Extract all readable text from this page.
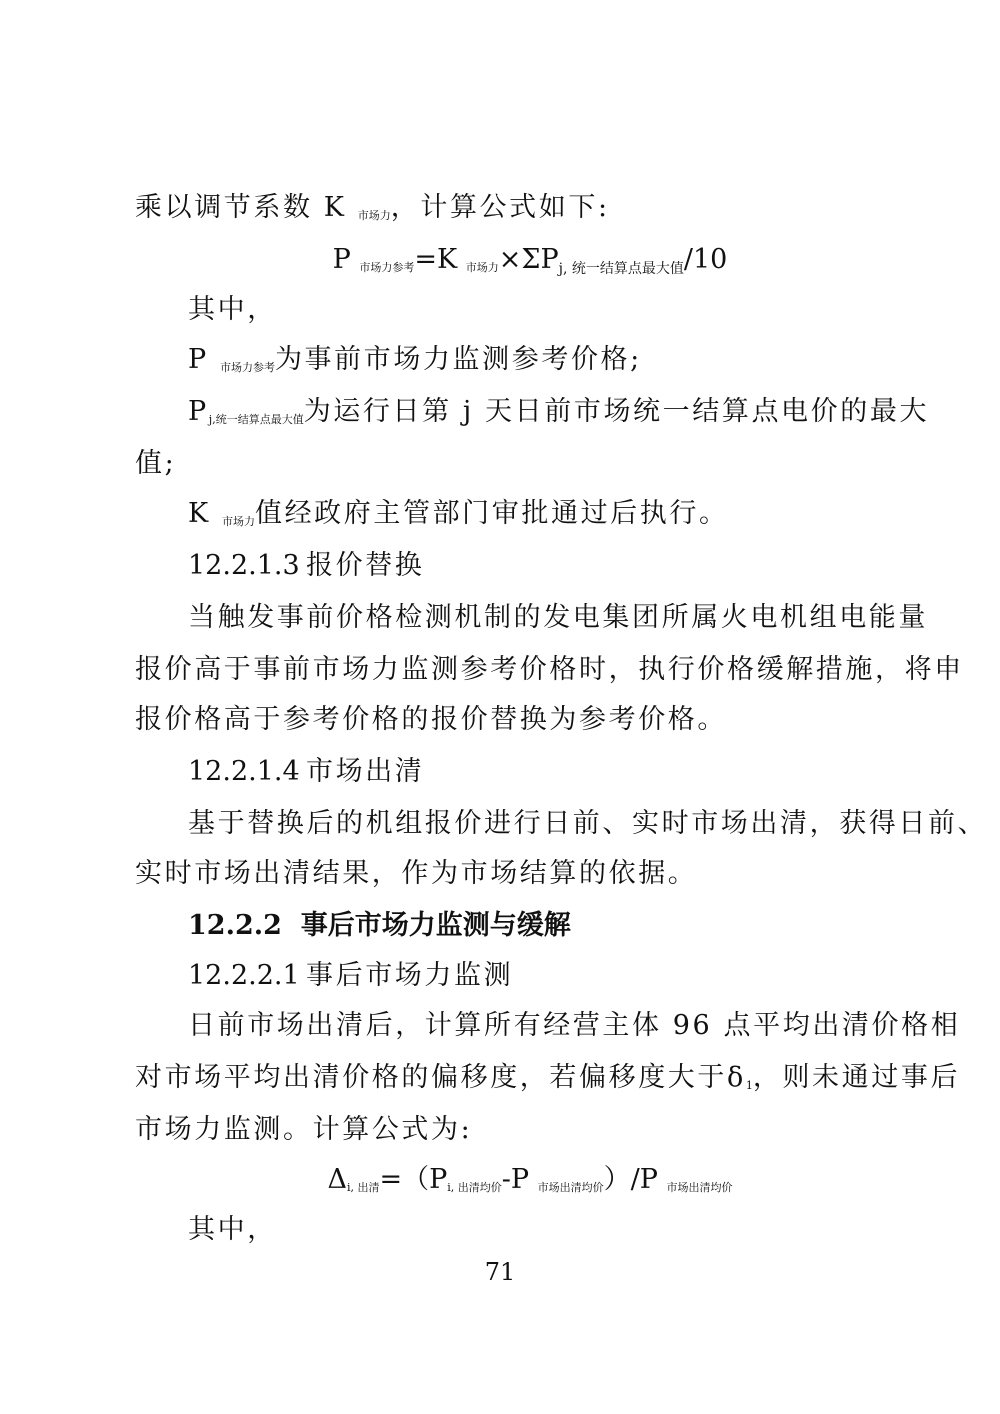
乘以调节系数 K $_{市场力}$，计算公式如下:
P $_{市场力参考}$=K $_{市场力}$×ΣPj, 统一结算点最大值/10
其中，
P $_{市场力参考}$为事前市场力监测参考价格;
$P_{j,统一结算点最大值}$为运行日第 j 天日前市场统一结算点电价的最大
值;
K $_{市场力}$值经政府主管部门审批通过后执行。
12.2.1.3 报价替换
当触发事前价格检测机制的发电集团所属火电机组电能量
报价高于事前市场力监测参考价格时，执行价格缓解措施，将申
报价格高于参考价格的报价替换为参考价格。
12.2.1.4 市场出清
基于替换后的机组报价进行日前、实时市场出清，获得日前、
实时市场出清结果，作为市场结算的依据。
12.2.2 事后市场力监测与缓解
12.2.2.1 事后市场力监测
日前市场出清后，计算所有经营主体 96 点平均出清价格相
对市场平均出清价格的偏移度，若偏移度大于$\delta_1$，则未通过事后
市场力监测。计算公式为:
$\Delta_{i, 出清}=(P_{i, 出清均价}-P$ $_{市场出清均价}$）/P $_{市场出清均价}$
其中，
71
